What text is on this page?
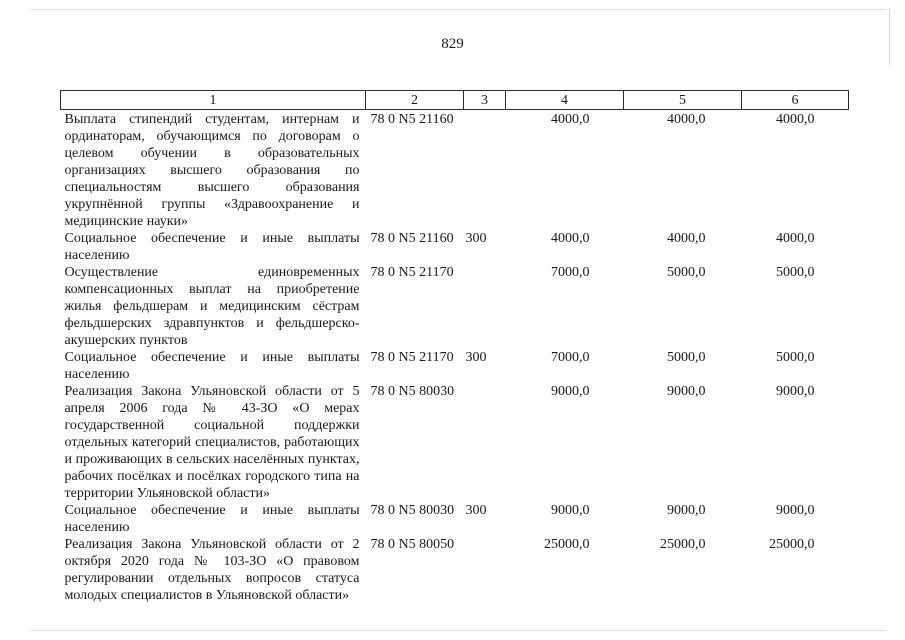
829
1	2	3	4	5	6
Выплата стипендий студентам, интернам и ординаторам, обучающимся по договорам о целевом обучении в образовательных организациях высшего образования по специальностям высшего образования укрупнённой группы «Здравоохранение и медицинские науки»	78 0 N5 21160		4000,0	4000,0	4000,0
Социальное обеспечение и иные выплаты населению	78 0 N5 21160	300	4000,0	4000,0	4000,0
Осуществление единовременных компенсационных выплат на приобретение жилья фельдшерам и медицинским сёстрам фельдшерских здравпунктов и фельдшерско-акушерских пунктов	78 0 N5 21170		7000,0	5000,0	5000,0
Социальное обеспечение и иные выплаты населению	78 0 N5 21170	300	7000,0	5000,0	5000,0
Реализация Закона Ульяновской области от 5 апреля 2006 года № 43-ЗО «О мерах государственной социальной поддержки отдельных категорий специалистов, работающих и проживающих в сельских населённых пунктах, рабочих посёлках и посёлках городского типа на территории Ульяновской области»	78 0 N5 80030		9000,0	9000,0	9000,0
Социальное обеспечение и иные выплаты населению	78 0 N5 80030	300	9000,0	9000,0	9000,0
Реализация Закона Ульяновской области от 2 октября 2020 года № 103-ЗО «О правовом регулировании отдельных вопросов статуса молодых специалистов в Ульяновской области»	78 0 N5 80050		25000,0	25000,0	25000,0
